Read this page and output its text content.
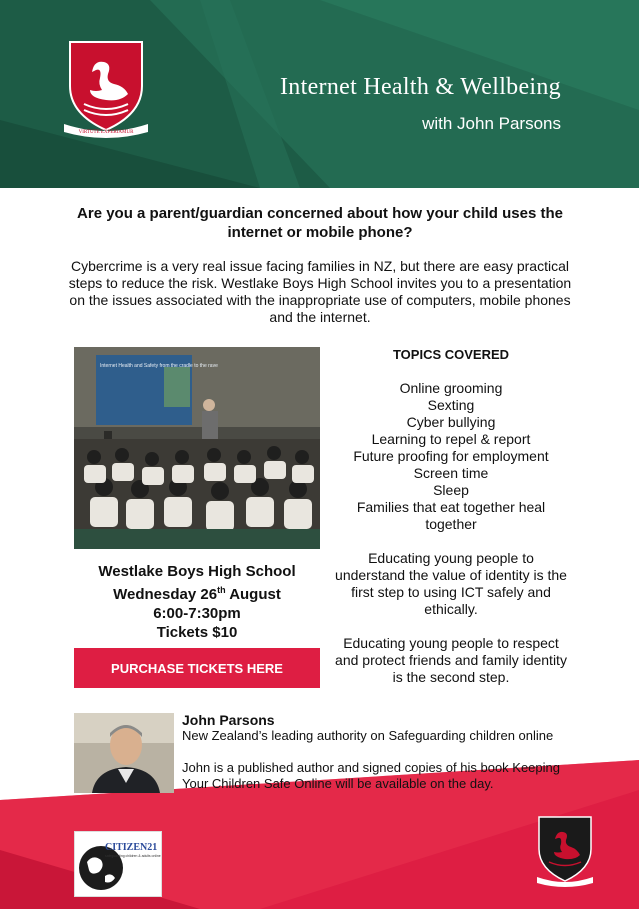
VIRTUTE EXPERIAMUR
Internet Health & Wellbeing
with John Parsons
Are you a parent/guardian concerned about how your child uses the internet or mobile phone?
Cybercrime is a very real issue facing families in NZ, but there are easy practical steps to reduce the risk. Westlake Boys High School invites you to a presentation on the issues associated with the inappropriate use of computers, mobile phones and the internet.
Internet Health and Safety from the cradle to the rave
Westlake Boys High School
Wednesday 26th August
6:00-7:30pm
Tickets $10
PURCHASE TICKETS HERE
TOPICS COVERED
Online grooming
Sexting
Cyber bullying
Learning to repel & report
Future proofing for employment
Screen time
Sleep
Families that eat together heal together
Educating young people to understand the value of identity is the first step to using ICT safely and ethically.
Educating young people to respect and protect friends and family identity is the second step.
John Parsons
New Zealand’s leading authority on Safeguarding children online
John is a published author and signed copies of his book Keeping Your Children Safe Online will be available on the day.
CITIZEN21
safeguarding children & adults online
